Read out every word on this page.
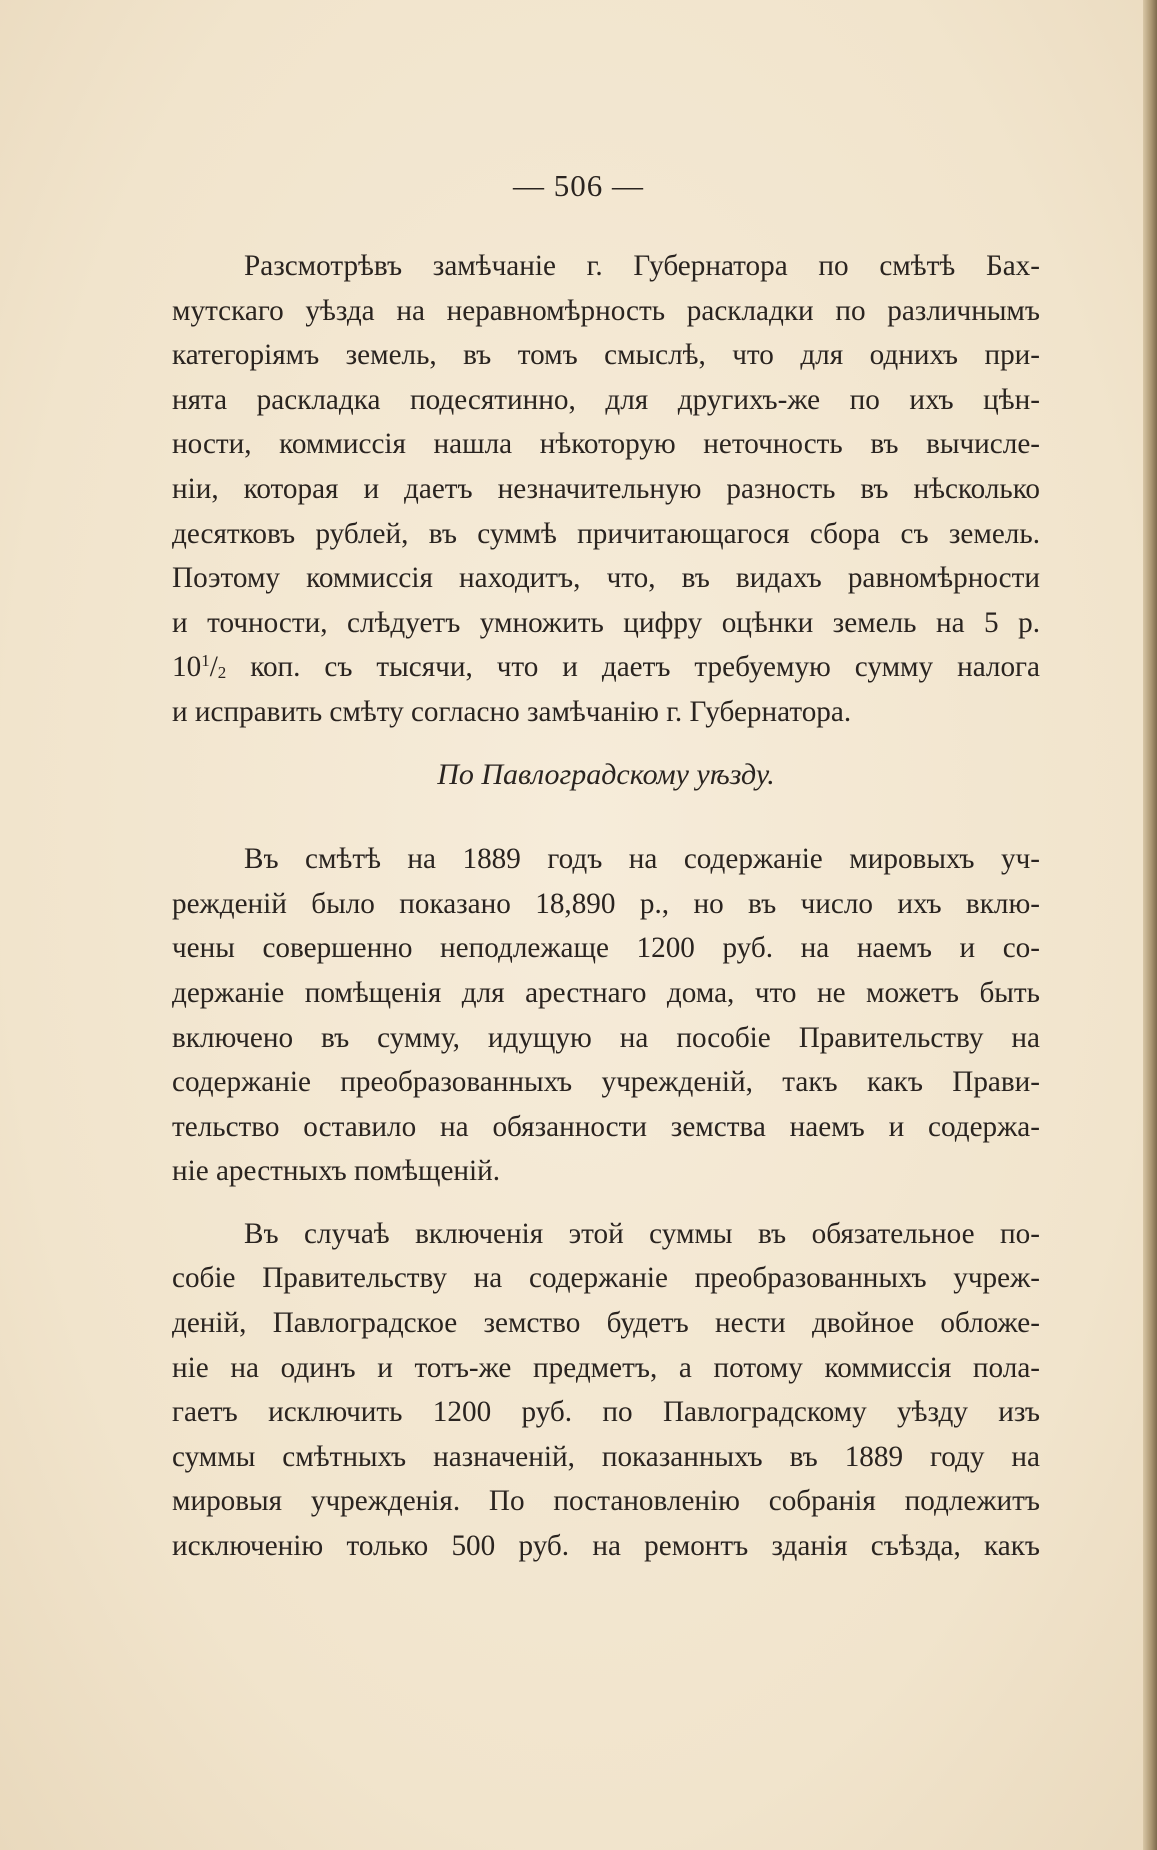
— 506 —
Разсмотрѣвъ замѣчаніе г. Губернатора по смѣтѣ Бах-
мутскаго уѣзда на неравномѣрность раскладки по различнымъ
категоріямъ земель, въ томъ смыслѣ, что для однихъ при-
нята раскладка подесятинно, для другихъ-же по ихъ цѣн-
ности, коммиссія нашла нѣкоторую неточность въ вычисле-
ніи, которая и даетъ незначительную разность въ нѣсколько
десятковъ рублей, въ суммѣ причитающагося сбора съ земель.
Поэтому коммиссія находитъ, что, въ видахъ равномѣрности
и точности, слѣдуетъ умножить цифру оцѣнки земель на 5 р.
$10^1/_2$ коп. съ тысячи, что и даетъ требуемую сумму налога
и исправить смѣту согласно замѣчанію г. Губернатора.
По Павлоградскому уѣзду.
Въ смѣтѣ на 1889 годъ на содержаніе мировыхъ уч-
режденій было показано 18,890 р., но въ число ихъ вклю-
чены совершенно неподлежаще 1200 руб. на наемъ и со-
держаніе помѣщенія для арестнаго дома, что не можетъ быть
включено въ сумму, идущую на пособіе Правительству на
содержаніе преобразованныхъ учрежденій, такъ какъ Прави-
тельство оставило на обязанности земства наемъ и содержа-
ніе арестныхъ помѣщеній.
Въ случаѣ включенія этой суммы въ обязательное по-
собіе Правительству на содержаніе преобразованныхъ учреж-
деній, Павлоградское земство будетъ нести двойное обложе-
ніе на одинъ и тотъ-же предметъ, а потому коммиссія пола-
гаетъ исключить 1200 руб. по Павлоградскому уѣзду изъ
суммы смѣтныхъ назначеній, показанныхъ въ 1889 году на
мировыя учрежденія. По постановленію собранія подлежитъ
исключенію только 500 руб. на ремонтъ зданія съѣзда, какъ
